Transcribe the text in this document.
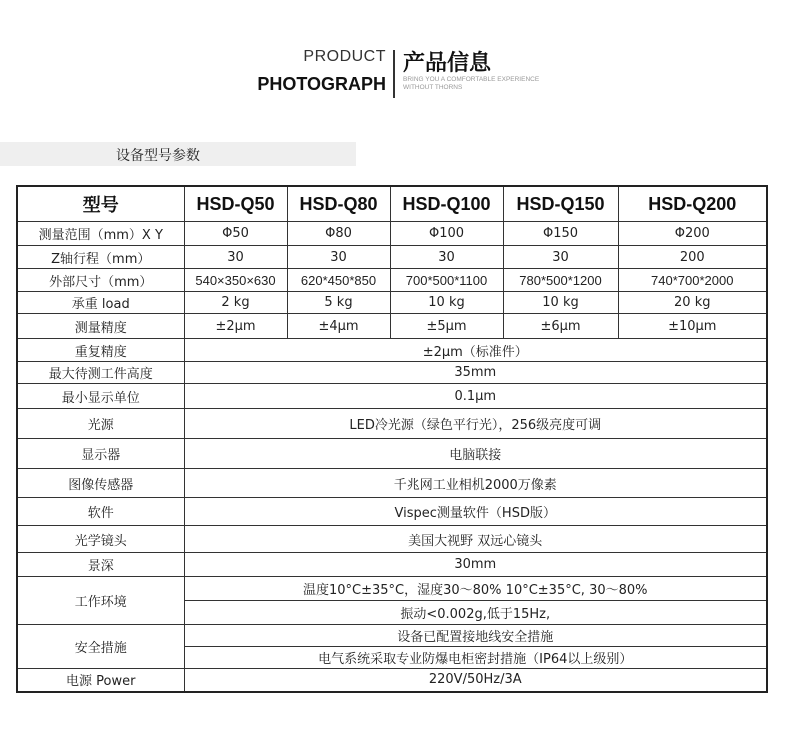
PRODUCT
PHOTOGRAPH
产品信息
BRING YOU A COMFORTABLE EXPERIENCE
WITHOUT THORNS
设备型号参数
型号	HSD-Q50	HSD-Q80	HSD-Q100	HSD-Q150	HSD-Q200
测量范围（mm）X Y	Φ50	Φ80	Φ100	Φ150	Φ200
Z轴行程（mm）	30	30	30	30	200
外部尺寸（mm）	540×350×630	620*450*850	700*500*1100	780*500*1200	740*700*2000
承重 load	2 kg	5 kg	10 kg	10 kg	20 kg
测量精度	±2μm	±4μm	±5μm	±6μm	±10μm
重复精度	±2μm（标准件）				
最大待测工件高度	35mm				
最小显示单位	0.1μm				
光源	LED冷光源（绿色平行光），256级亮度可调				
显示器	电脑联接				
图像传感器	千兆网工业相机2000万像素				
软件	Vispec测量软件（HSD版）				
光学镜头	美国大视野 双远心镜头				
景深	30mm				
工作环境	温度10°C±35°C，湿度30～80% 10°C±35°C, 30～80%				
	振动<0.002g,低于15Hz,				
安全措施	设备已配置接地线安全措施				
	电气系统采取专业防爆电柜密封措施（IP64以上级别）				
电源 Power	220V/50Hz/3A				
